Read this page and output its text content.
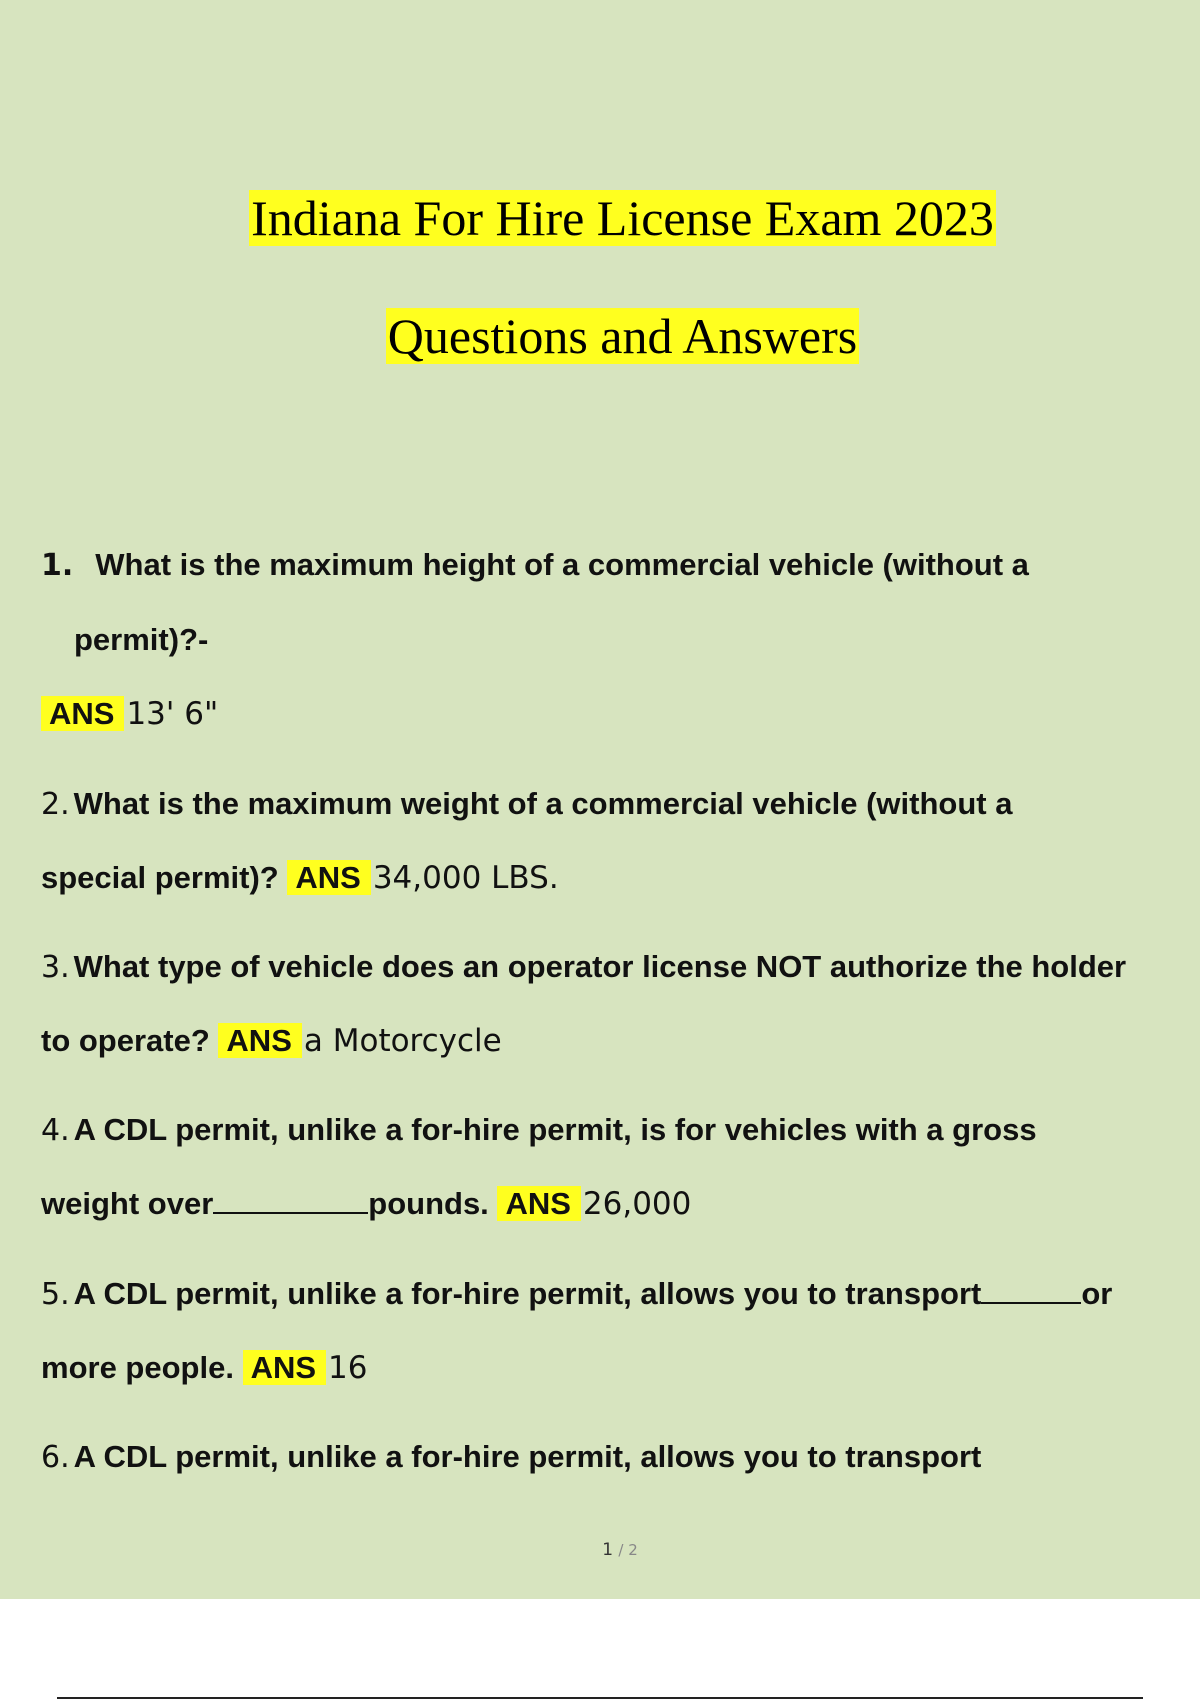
Indiana For Hire License Exam 2023
Questions and Answers
1. What is the maximum height of a commercial vehicle (without a
permit)?-
ANS 13' 6"
2. What is the maximum weight of a commercial vehicle (without a
special permit)? ANS 34,000 LBS.
3. What type of vehicle does an operator license NOT authorize the holder
to operate? ANS a Motorcycle
4. A CDL permit, unlike a for-hire permit, is for vehicles with a gross
weight over	pounds. ANS 26,000
5. A CDL permit, unlike a for-hire permit, allows you to transport	or
more people. ANS 16
6. A CDL permit, unlike a for-hire permit, allows you to transport
1 / 2
